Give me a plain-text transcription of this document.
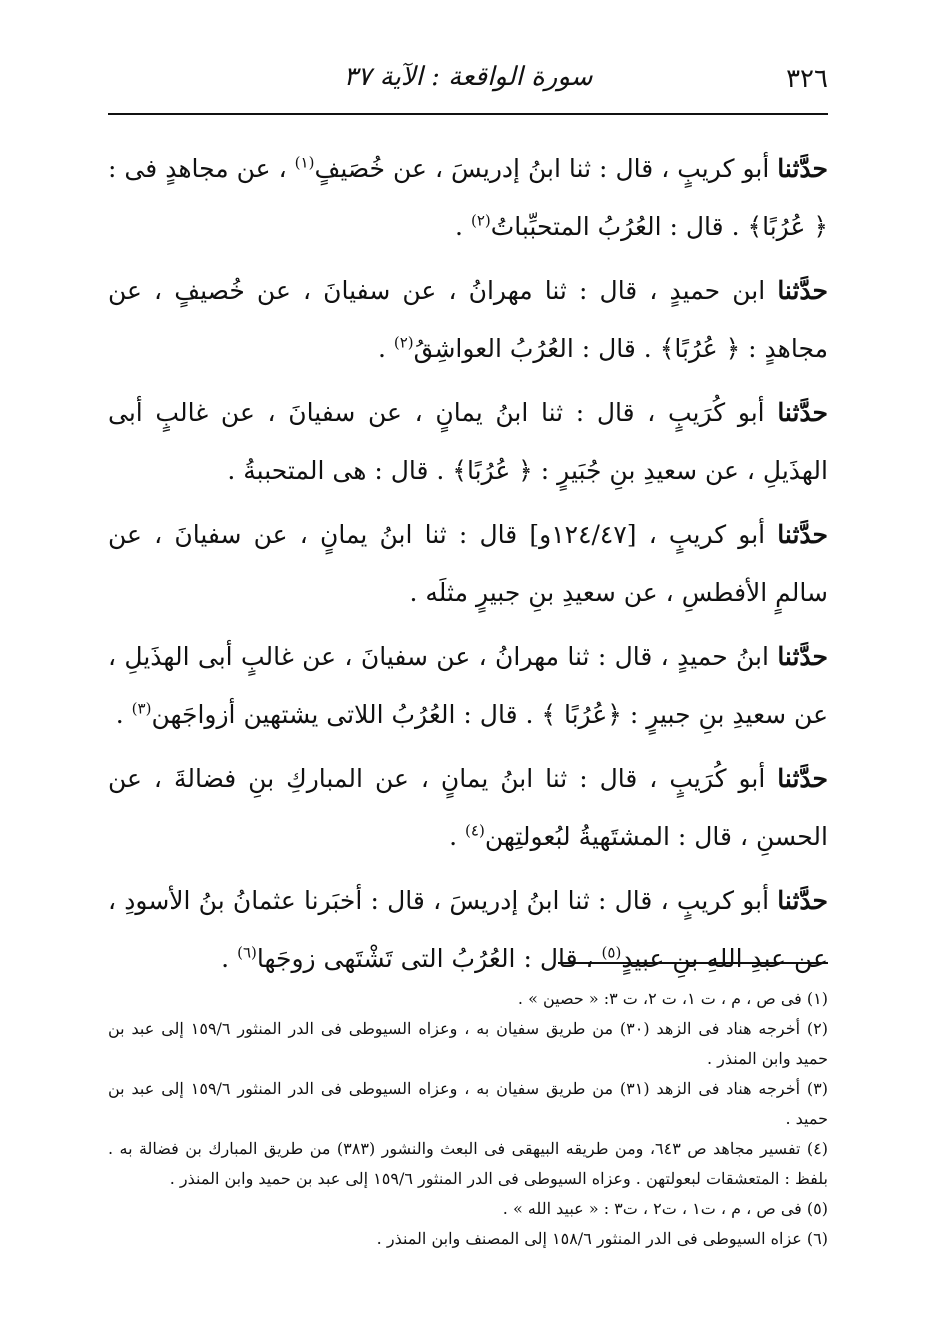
٣٢٦
سورة الواقعة : الآية ٣٧

حدَّثنا أبو كريبٍ ، قال : ثنا ابنُ إدريسَ ، عن خُصَيفٍ$^{(١)}$ ، عن مجاهدٍ فى : ﴿ عُرُبًا﴾ . قال : العُرُبُ المتحبِّباتُ$^{(٢)}$ .

حدَّثنا ابن حميدٍ ، قال : ثنا مهرانُ ، عن سفيانَ ، عن خُصيفٍ ، عن مجاهدٍ : ﴿ عُرُبًا﴾ . قال : العُرُبُ العواشِقُ$^{(٢)}$ .

حدَّثنا أبو كُرَيبٍ ، قال : ثنا ابنُ يمانٍ ، عن سفيانَ ، عن غالبٍ أبى الهذَيلِ ، عن سعيدِ بنِ جُبَيرٍ : ﴿ عُرُبًا﴾ . قال : هى المتحببةُ .

حدَّثنا أبو كريبٍ ، [١٢٤/٤٧و] قال : ثنا ابنُ يمانٍ ، عن سفيانَ ، عن سالمٍ الأفطسِ ، عن سعيدِ بنِ جبيرٍ مثلَه .

حدَّثنا ابنُ حميدٍ ، قال : ثنا مهرانُ ، عن سفيانَ ، عن غالبٍ أبى الهذَيلِ ، عن سعيدِ بنِ جبيرٍ : ﴿عُرُبًا ﴾ . قال : العُرُبُ اللاتى يشتهين أزواجَهن$^{(٣)}$ .

حدَّثنا أبو كُرَيبٍ ، قال : ثنا ابنُ يمانٍ ، عن المباركِ بنِ فضالةَ ، عن الحسنِ ، قال : المشتَهيةُ لبُعولتِهن$^{(٤)}$ .

حدَّثنا أبو كريبٍ ، قال : ثنا ابنُ إدريسَ ، قال : أخبَرنا عثمانُ بنُ الأسودِ ، عن عبدِ اللهِ بنِ عبيدٍ$^{(٥)}$ ، قال : العُرُبُ التى تَشْتَهى زوجَها$^{(٦)}$ .

(١) فى ص ، م ، ت ١، ت ٢، ت ٣: « حصين » .

(٢) أخرجه هناد فى الزهد (٣٠) من طريق سفيان به ، وعزاه السيوطى فى الدر المنثور ١٥٩/٦ إلى عبد بن حميد وابن المنذر .

(٣) أخرجه هناد فى الزهد (٣١) من طريق سفيان به ، وعزاه السيوطى فى الدر المنثور ١٥٩/٦ إلى عبد بن حميد .

(٤) تفسير مجاهد ص ٦٤٣، ومن طريقه البيهقى فى البعث والنشور (٣٨٣) من طريق المبارك بن فضالة به . بلفظ : المتعشقات لبعولتهن . وعزاه السيوطى فى الدر المنثور ١٥٩/٦ إلى عبد بن حميد وابن المنذر .

(٥) فى ص ، م ، ت١ ، ت٢ ، ت٣ : « عبيد الله » .

(٦) عزاه السيوطى فى الدر المنثور ١٥٨/٦ إلى المصنف وابن المنذر .
